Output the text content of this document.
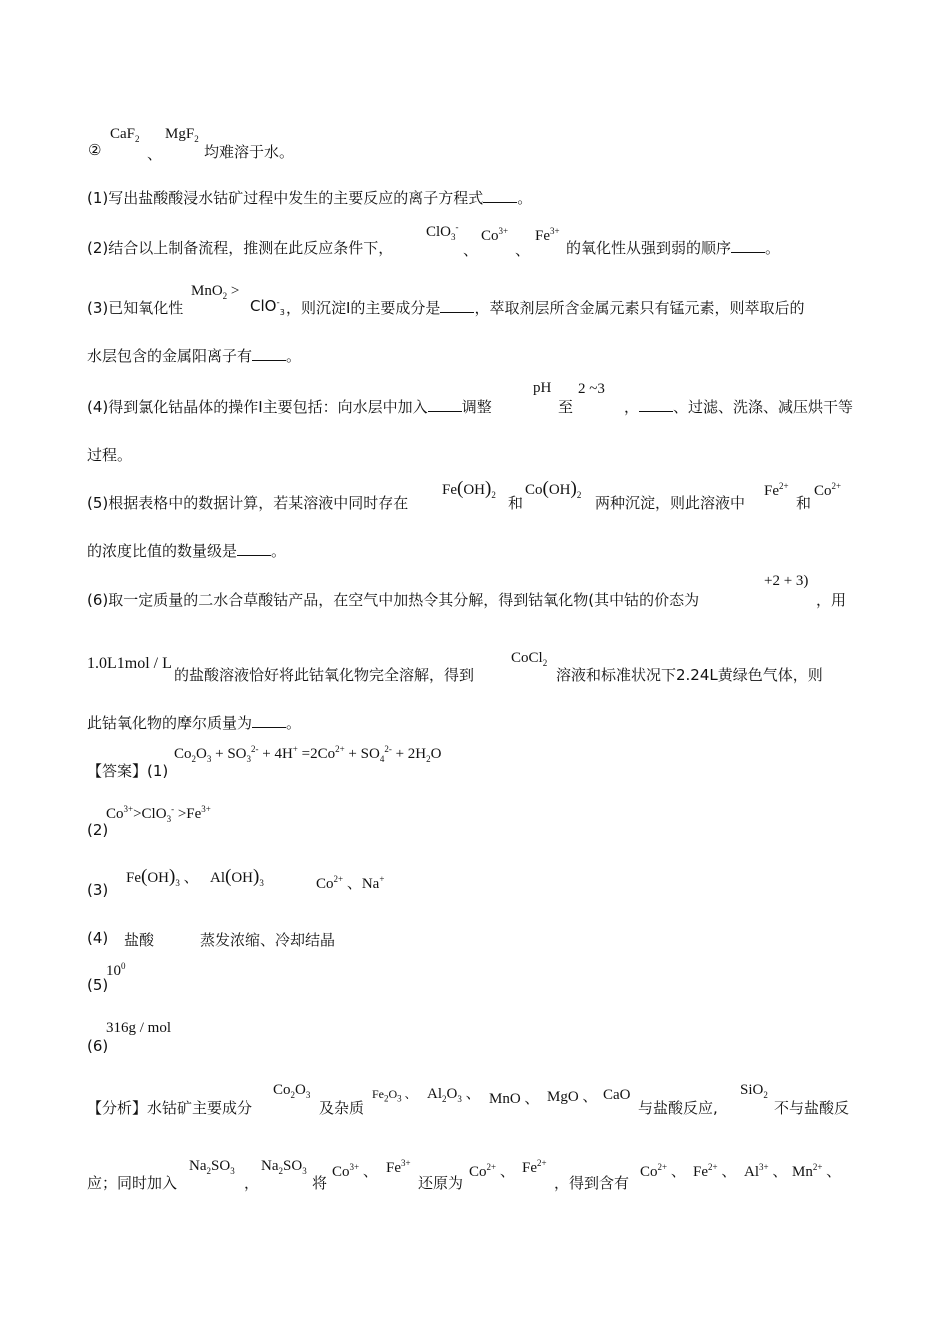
②
CaF$_2$
、
MgF$_2$
均难溶于水。
(1)写出盐酸酸浸水钴矿过程中发生的主要反应的离子方程式 。
(2)结合以上制备流程，推测在此反应条件下，
ClO$_3$-
、
$Co^{3+}$
、
$Fe^{3+}$
的氧化性从强到弱的顺序 。
(3)已知氧化性
MnO$_2$ >
ClO-$_3$ ，则沉淀Ⅰ的主要成分是 ，萃取剂层所含金属元素只有锰元素，则萃取后的
水层包含的金属阳离子有 。
(4)得到氯化钴晶体的操作Ⅰ主要包括：向水层中加入 调整
pH
至
2 ~3
， 、过滤、洗涤、减压烘干等
过程。
(5)根据表格中的数据计算，若某溶液中同时存在
$Fe(OH)_2$ 和
$Co(OH)_2$ 两种沉淀，则此溶液中
$Fe^{2+}$
和
$Co^{2+}$
的浓度比值的数量级是 。
(6)取一定质量的二水合草酸钴产品，在空气中加热令其分解，得到钴氧化物(其中钴的价态为
+2 + 3)
，用
1.0L1mol / L
的盐酸溶液恰好将此钴氧化物完全溶解，得到
CoCl$_2$
溶液和标准状况下2.24L黄绿色气体，则
此钴氧化物的摩尔质量为 。
【答案】(1)
$Co_2O_3 + SO_3^{2-} + 4H^+ =2Co^{2+} + SO_4^{2-} + 2H_2O$
$Co^{3+}>ClO_3^- >Fe^{3+}$
(2)
$Fe(OH)_3$ 、 $Al(OH)_3$	$Co^{2+}$ 、Na+
(3)
(4) 盐酸	蒸发浓缩、冷却结晶
$10^0$
(5)
316g / mol
(6)
【分析】水钴矿主要成分
$Co_2O_3$
及杂质
$Fe_2O_3$ 、 $Al_2O_3$ 、 MnO 、 MgO 、 CaO
与盐酸反应,
SiO$_2$
不与盐酸反
应；同时加入
$Na_2SO_3$
，
$Na_2SO_3$
将
$Co^{3+}$ 、 $Fe^{3+}$
还原为
$Co^{2+}$ 、 $Fe^{2+}$
，得到含有
$Co^{2+}$ 、 $Fe^{2+}$ 、 $Al^{3+}$ 、 $Mn^{2+}$ 、
